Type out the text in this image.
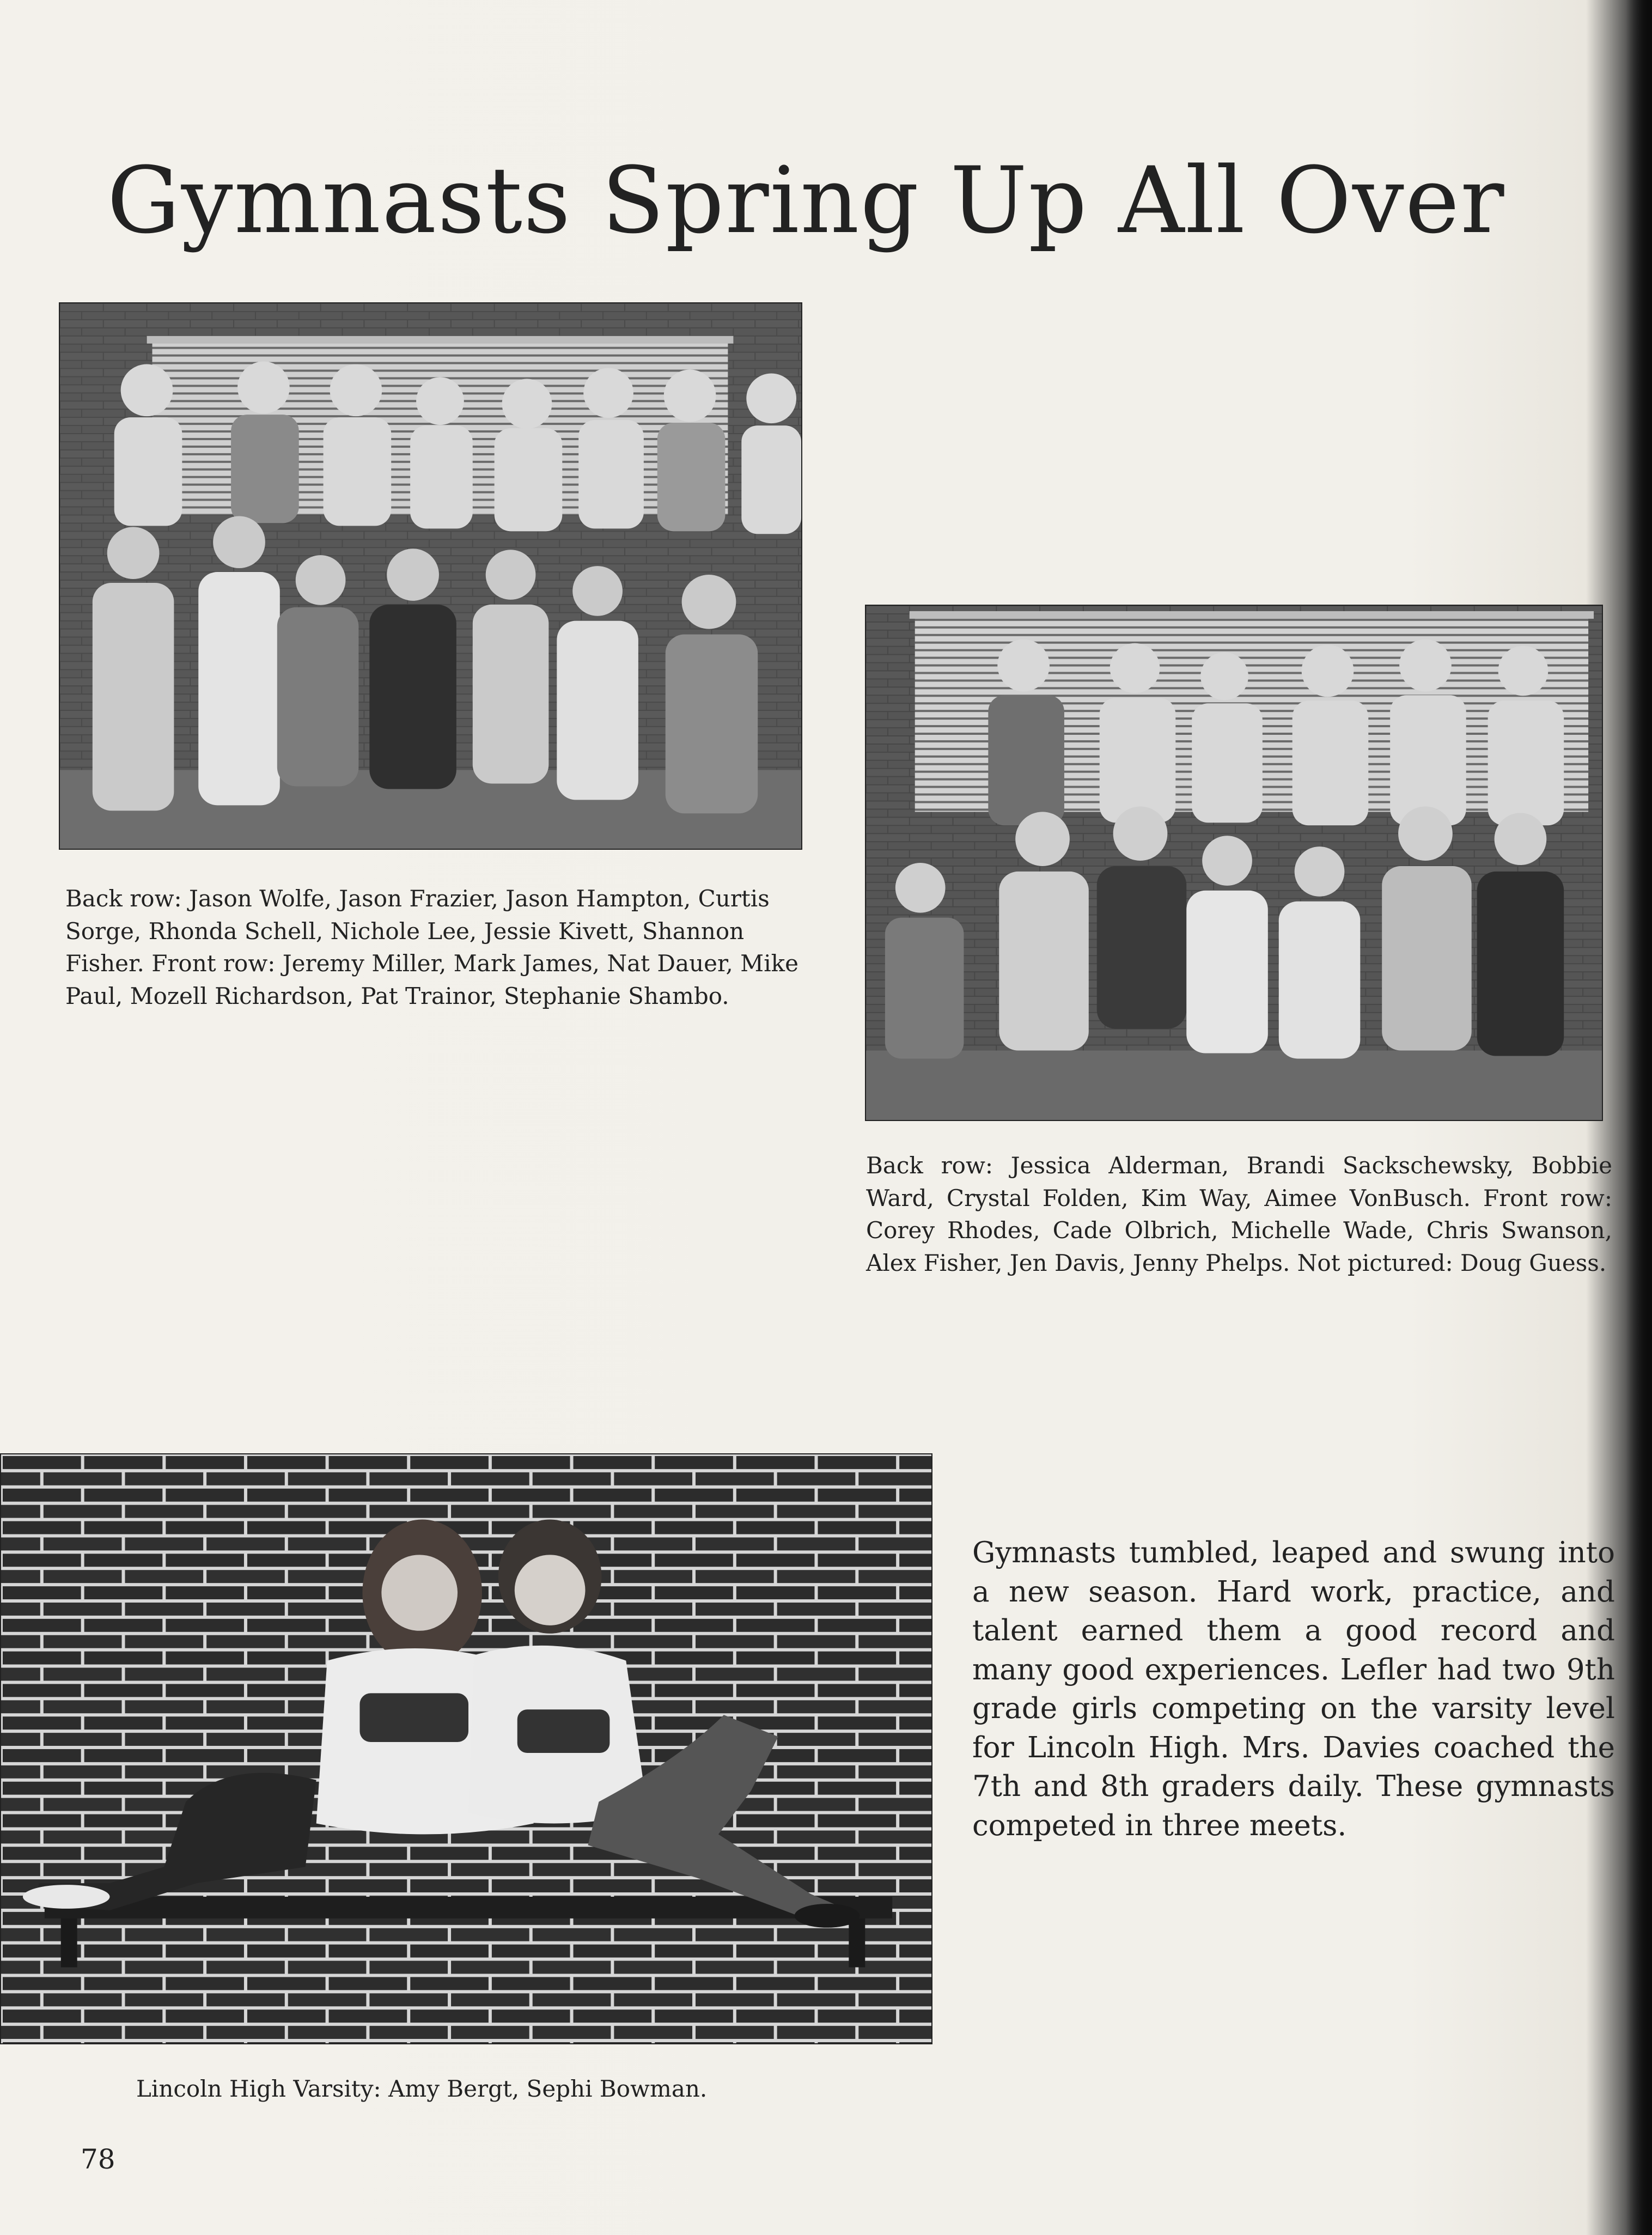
Gymnasts Spring Up All Over

Back row: Jason Wolfe, Jason Frazier, Jason Hampton, Curtis Sorge, Rhonda Schell, Nichole Lee, Jessie Kivett, Shannon Fisher. Front row: Jeremy Miller, Mark James, Nat Dauer, Mike Paul, Mozell Richardson, Pat Trainor, Stephanie Shambo.

Back row: Jessica Alderman, Brandi Sackschewsky, Bobbie Ward, Crystal Folden, Kim Way, Aimee VonBusch. Front row: Corey Rhodes, Cade Olbrich, Michelle Wade, Chris Swanson, Alex Fisher, Jen Davis, Jenny Phelps. Not pictured: Doug Guess.

Lincoln High Varsity: Amy Bergt, Sephi Bowman.

Gymnasts tumbled, leaped and swung into a new season. Hard work, practice, and talent earned them a good record and many good experiences. Lefler had two 9th grade girls competing on the varsity level for Lincoln High. Mrs. Davies coached the 7th and 8th graders daily. These gymnasts competed in three meets.

78
